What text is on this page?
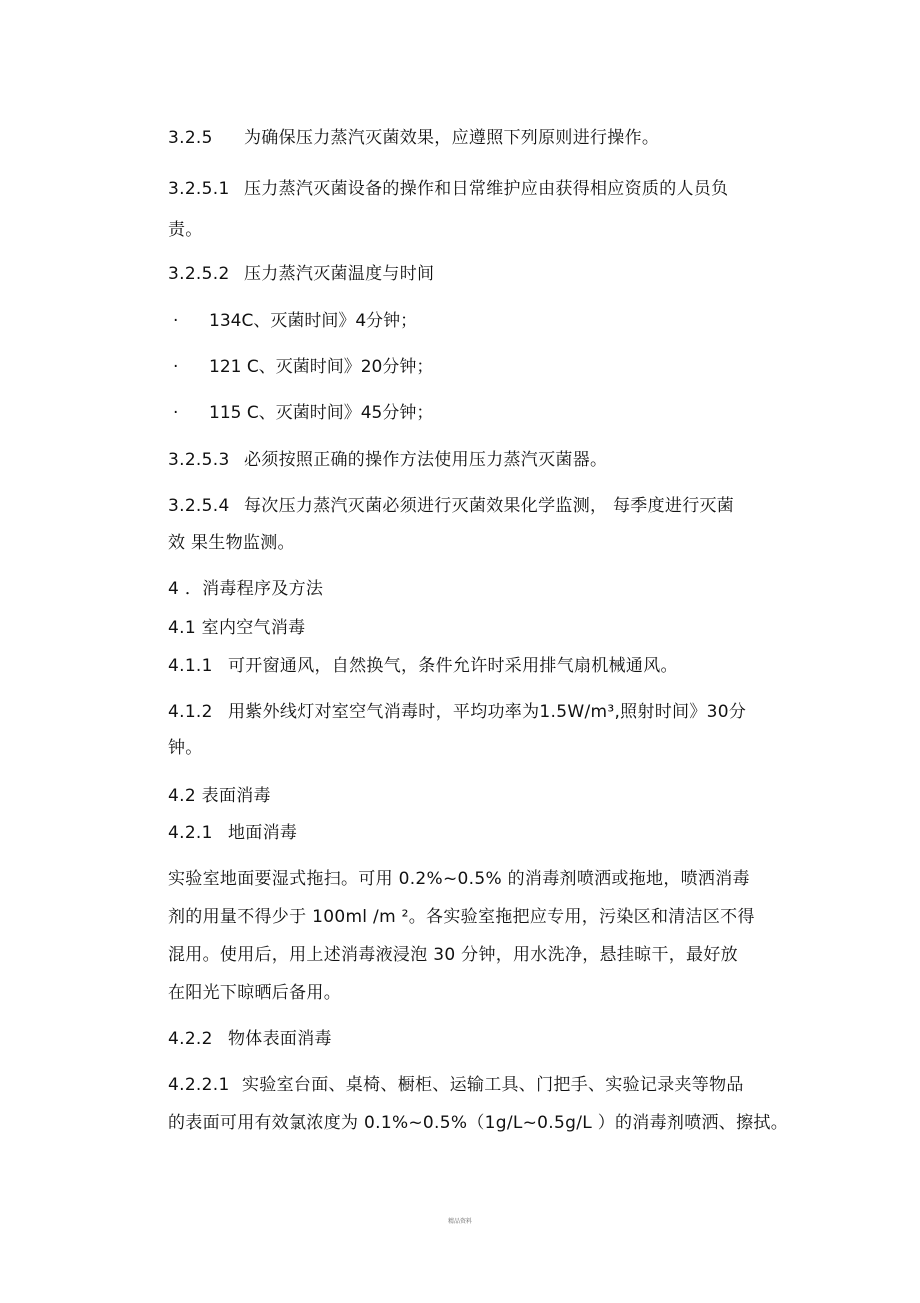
3.2.5 为确保压力蒸汽灭菌效果，应遵照下列原则进行操作。
3.2.5.1 压力蒸汽灭菌设备的操作和日常维护应由获得相应资质的人员负
责。
3.2.5.2 压力蒸汽灭菌温度与时间
· 134C、灭菌时间》4分钟；
· 121 C、灭菌时间》20分钟；
· 115 C、灭菌时间》45分钟；
3.2.5.3 必须按照正确的操作方法使用压力蒸汽灭菌器。
3.2.5.4 每次压力蒸汽灭菌必须进行灭菌效果化学监测， 每季度进行灭菌
效 果生物监测。
4 ．消毒程序及方法
4.1 室内空气消毒
4.1.1 可开窗通风，自然换气，条件允许时采用排气扇机械通风。
4.1.2 用紫外线灯对室空气消毒时，平均功率为1.5W/m³,照射时间》30分
钟。
4.2 表面消毒
4.2.1 地面消毒
实验室地面要湿式拖扫。可用 0.2%~0.5% 的消毒剂喷洒或拖地，喷洒消毒
剂的用量不得少于 100ml /m ²。各实验室拖把应专用，污染区和清洁区不得
混用。使用后，用上述消毒液浸泡 30 分钟，用水洗净，悬挂晾干，最好放
在阳光下晾晒后备用。
4.2.2 物体表面消毒
4.2.2.1 实验室台面、桌椅、橱柜、运输工具、门把手、实验记录夹等物品
的表面可用有效氯浓度为 0.1%~0.5%（1g/L~0.5g/L ）的消毒剂喷洒、擦拭。
精品资料
